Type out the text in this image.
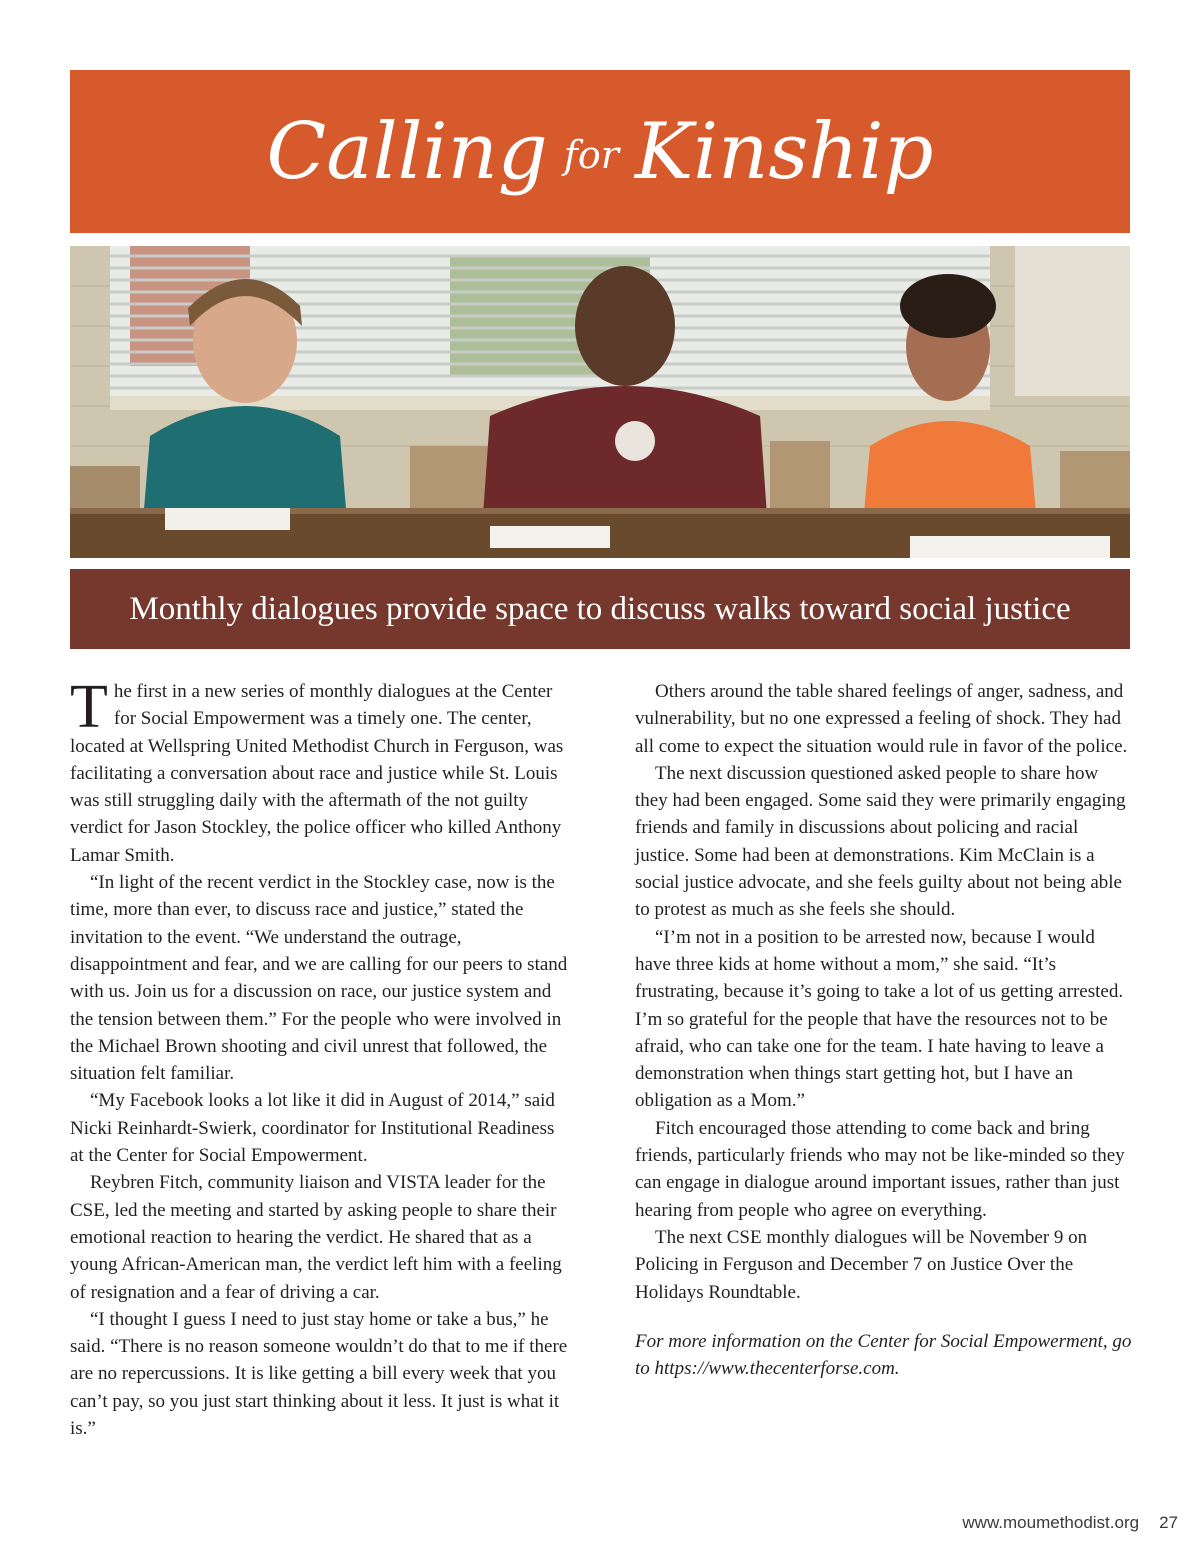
Calling for Kinship
Monthly dialogues provide space to discuss walks toward social justice

The first in a new series of monthly dialogues at the Center for Social Empowerment was a timely one. The center, located at Wellspring United Methodist Church in Ferguson, was facilitating a conversation about race and justice while St. Louis was still struggling daily with the aftermath of the not guilty verdict for Jason Stockley, the police officer who killed Anthony Lamar Smith.

“In light of the recent verdict in the Stockley case, now is the time, more than ever, to discuss race and justice,” stated the invitation to the event. “We understand the outrage, disappointment and fear, and we are calling for our peers to stand with us. Join us for a discussion on race, our justice system and the tension between them.” For the people who were involved in the Michael Brown shooting and civil unrest that followed, the situation felt familiar.

“My Facebook looks a lot like it did in August of 2014,” said Nicki Reinhardt-Swierk, coordinator for Institutional Readiness at the Center for Social Empowerment.

Reybren Fitch, community liaison and VISTA leader for the CSE, led the meeting and started by asking people to share their emotional reaction to hearing the verdict. He shared that as a young African-American man, the verdict left him with a feeling of resignation and a fear of driving a car.

“I thought I guess I need to just stay home or take a bus,” he said. “There is no reason someone wouldn’t do that to me if there are no repercussions. It is like getting a bill every week that you can’t pay, so you just start thinking about it less. It just is what it is.”

Others around the table shared feelings of anger, sadness, and vulnerability, but no one expressed a feeling of shock. They had all come to expect the situation would rule in favor of the police.

The next discussion questioned asked people to share how they had been engaged. Some said they were primarily engaging friends and family in discussions about policing and racial justice. Some had been at demonstrations. Kim McClain is a social justice advocate, and she feels guilty about not being able to protest as much as she feels she should.

“I’m not in a position to be arrested now, because I would have three kids at home without a mom,” she said. “It’s frustrating, because it’s going to take a lot of us getting arrested. I’m so grateful for the people that have the resources not to be afraid, who can take one for the team. I hate having to leave a demonstration when things start getting hot, but I have an obligation as a Mom.”

Fitch encouraged those attending to come back and bring friends, particularly friends who may not be like-minded so they can engage in dialogue around important issues, rather than just hearing from people who agree on everything.

The next CSE monthly dialogues will be November 9 on Policing in Ferguson and December 7 on Justice Over the Holidays Roundtable.

For more information on the Center for Social Empowerment, go to https://www.thecenterforse.com.

www.moumethodist.org 27
